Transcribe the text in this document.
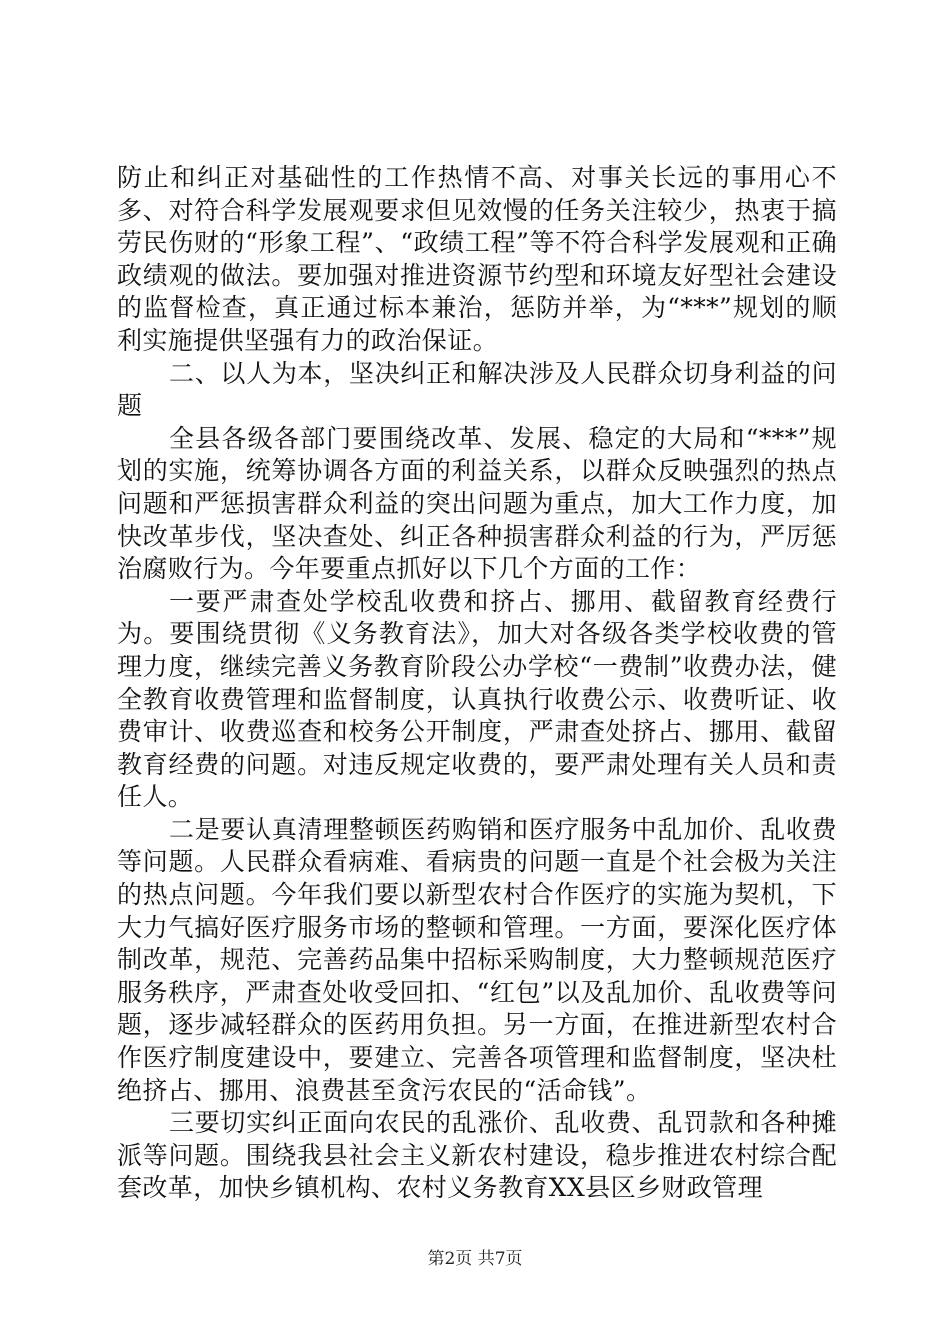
防止和纠正对基础性的工作热情不高、对事关长远的事用心不多、对符合科学发展观要求但见效慢的任务关注较少，热衷于搞劳民伤财的“形象工程”、“政绩工程”等不符合科学发展观和正确政绩观的做法。要加强对推进资源节约型和环境友好型社会建设的监督检查，真正通过标本兼治，惩防并举，为“***”规划的顺利实施提供坚强有力的政治保证。

二、以人为本，坚决纠正和解决涉及人民群众切身利益的问题

全县各级各部门要围绕改革、发展、稳定的大局和“***”规划的实施，统筹协调各方面的利益关系，以群众反映强烈的热点问题和严惩损害群众利益的突出问题为重点，加大工作力度，加快改革步伐，坚决查处、纠正各种损害群众利益的行为，严厉惩治腐败行为。今年要重点抓好以下几个方面的工作：

一要严肃查处学校乱收费和挤占、挪用、截留教育经费行为。要围绕贯彻《义务教育法》，加大对各级各类学校收费的管理力度，继续完善义务教育阶段公办学校“一费制”收费办法，健全教育收费管理和监督制度，认真执行收费公示、收费听证、收费审计、收费巡查和校务公开制度，严肃查处挤占、挪用、截留教育经费的问题。对违反规定收费的，要严肃处理有关人员和责任人。

二是要认真清理整顿医药购销和医疗服务中乱加价、乱收费等问题。人民群众看病难、看病贵的问题一直是个社会极为关注的热点问题。今年我们要以新型农村合作医疗的实施为契机，下大力气搞好医疗服务市场的整顿和管理。一方面，要深化医疗体制改革，规范、完善药品集中招标采购制度，大力整顿规范医疗服务秩序，严肃查处收受回扣、“红包”以及乱加价、乱收费等问题，逐步减轻群众的医药用负担。另一方面，在推进新型农村合作医疗制度建设中，要建立、完善各项管理和监督制度，坚决杜绝挤占、挪用、浪费甚至贪污农民的“活命钱”。

三要切实纠正面向农民的乱涨价、乱收费、乱罚款和各种摊派等问题。围绕我县社会主义新农村建设，稳步推进农村综合配套改革，加快乡镇机构、农村义务教育XX县区乡财政管理

第2页 共7页
